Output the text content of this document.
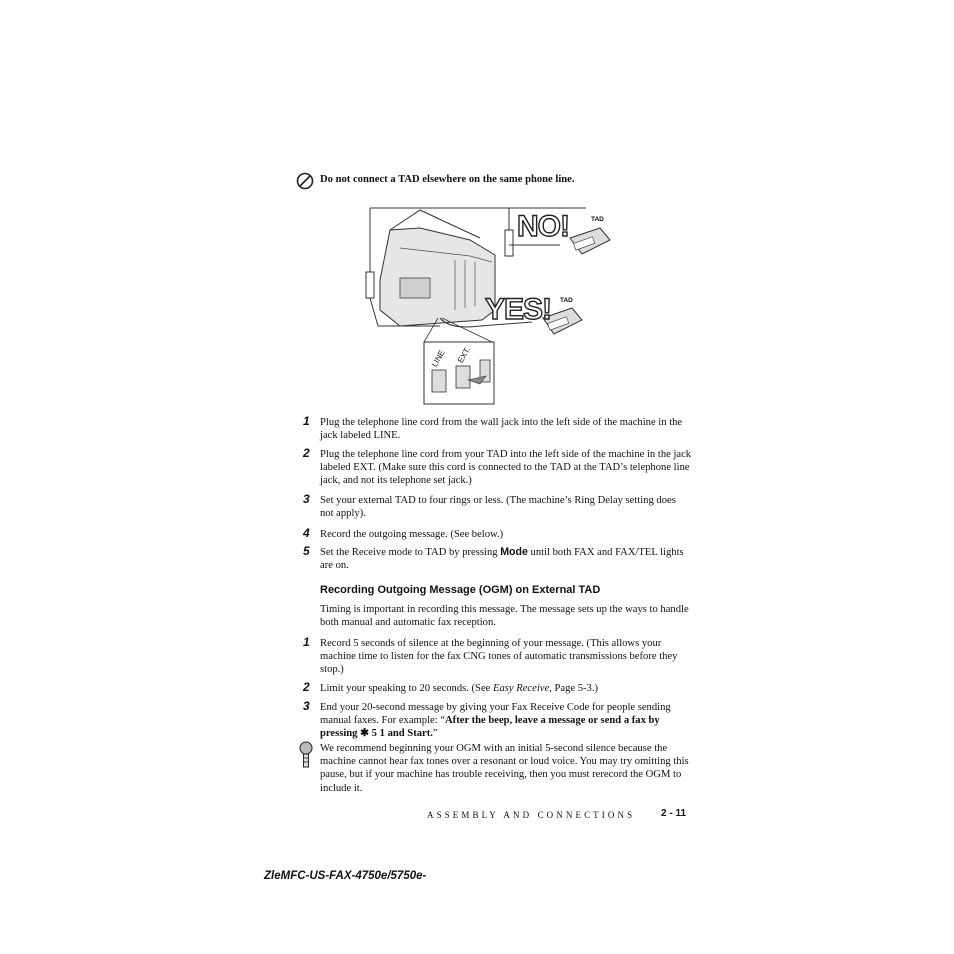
Do not connect a TAD elsewhere on the same phone line.
NO!
YES!
TAD
TAD
LINE EXT.
1 Plug the telephone line cord from the wall jack into the left side of the machine in the jack labeled LINE.
2 Plug the telephone line cord from your TAD into the left side of the machine in the jack labeled EXT. (Make sure this cord is connected to the TAD at the TAD’s telephone line jack, and not its telephone set jack.)
3 Set your external TAD to four rings or less. (The machine’s Ring Delay setting does not apply).
4 Record the outgoing message. (See below.)
5 Set the Receive mode to TAD by pressing Mode until both FAX and FAX/TEL lights are on.
Recording Outgoing Message (OGM) on External TAD
Timing is important in recording this message. The message sets up the ways to handle both manual and automatic fax reception.
1 Record 5 seconds of silence at the beginning of your message. (This allows your machine time to listen for the fax CNG tones of automatic transmissions before they stop.)
2 Limit your speaking to 20 seconds. (See Easy Receive, Page 5-3.)
3 End your 20-second message by giving your Fax Receive Code for people sending manual faxes. For example: “After the beep, leave a message or send a fax by pressing ✱ 5 1 and Start.”
We recommend beginning your OGM with an initial 5-second silence because the machine cannot hear fax tones over a resonant or loud voice. You may try omitting this pause, but if your machine has trouble receiving, then you must rerecord the OGM to include it.
ASSEMBLY AND CONNECTIONS	2 - 11
ZleMFC-US-FAX-4750e/5750e-
